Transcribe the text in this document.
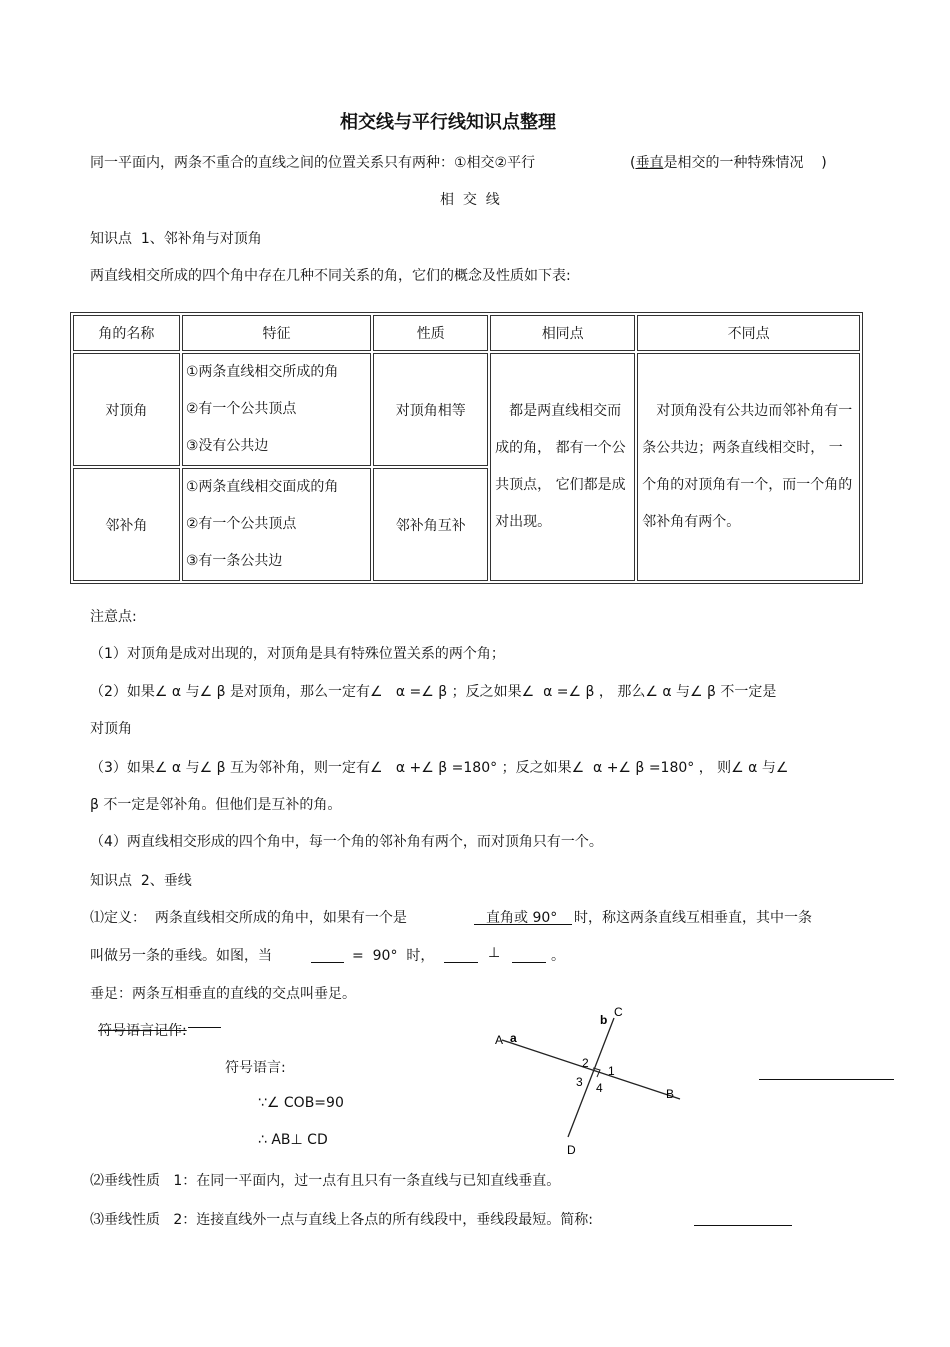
相交线与平行线知识点整理
同一平面内，两条不重合的直线之间的位置关系只有两种：①相交②平行	(垂直是相交的一种特殊情况 )
相  交  线
知识点  1、邻补角与对顶角
两直线相交所成的四个角中存在几种不同关系的角，它们的概念及性质如下表:
角的名称	特征	性质	相同点	不同点
对顶角	①两条直线相交所成的角
②有一个公共顶点
③没有公共边	对顶角相等	都是两直线相交而成的角， 都有一个公共顶点， 它们都是成对出现。	对顶角没有公共边而邻补角有一条公共边；两条直线相交时， 一个角的对顶角有一个，而一个角的邻补角有两个。
邻补角	①两条直线相交面成的角
②有一个公共顶点
③有一条公共边	邻补角互补		
注意点:
（1）对顶角是成对出现的，对顶角是具有特殊位置关系的两个角；
（2）如果∠ α 与∠ β 是对顶角，那么一定有∠   α =∠ β ；反之如果∠  α =∠ β ， 那么∠ α 与∠ β 不一定是
对顶角
（3）如果∠ α 与∠ β 互为邻补角，则一定有∠   α +∠ β =180° ；反之如果∠  α +∠ β =180° ， 则∠ α 与∠
β 不一定是邻补角。但他们是互补的角。
（4）两直线相交形成的四个角中，每一个角的邻补角有两个，而对顶角只有一个。
知识点  2、垂线
⑴定义：  两条直线相交所成的角中，如果有一个是	直角或 90° 时，称这两条直线互相垂直，其中一条
叫做另一条的垂线。如图，当	=  90°  时，	⊥	。
垂足：两条互相垂直的直线的交点叫垂足。
符号语言记作:
符号语言:
∵∠ COB=90
∴ AB⊥ CD
A a
b
C
B
D
2
1
3 4
⑵垂线性质   1：在同一平面内，过一点有且只有一条直线与已知直线垂直。
⑶垂线性质   2：连接直线外一点与直线上各点的所有线段中，垂线段最短。简称:
